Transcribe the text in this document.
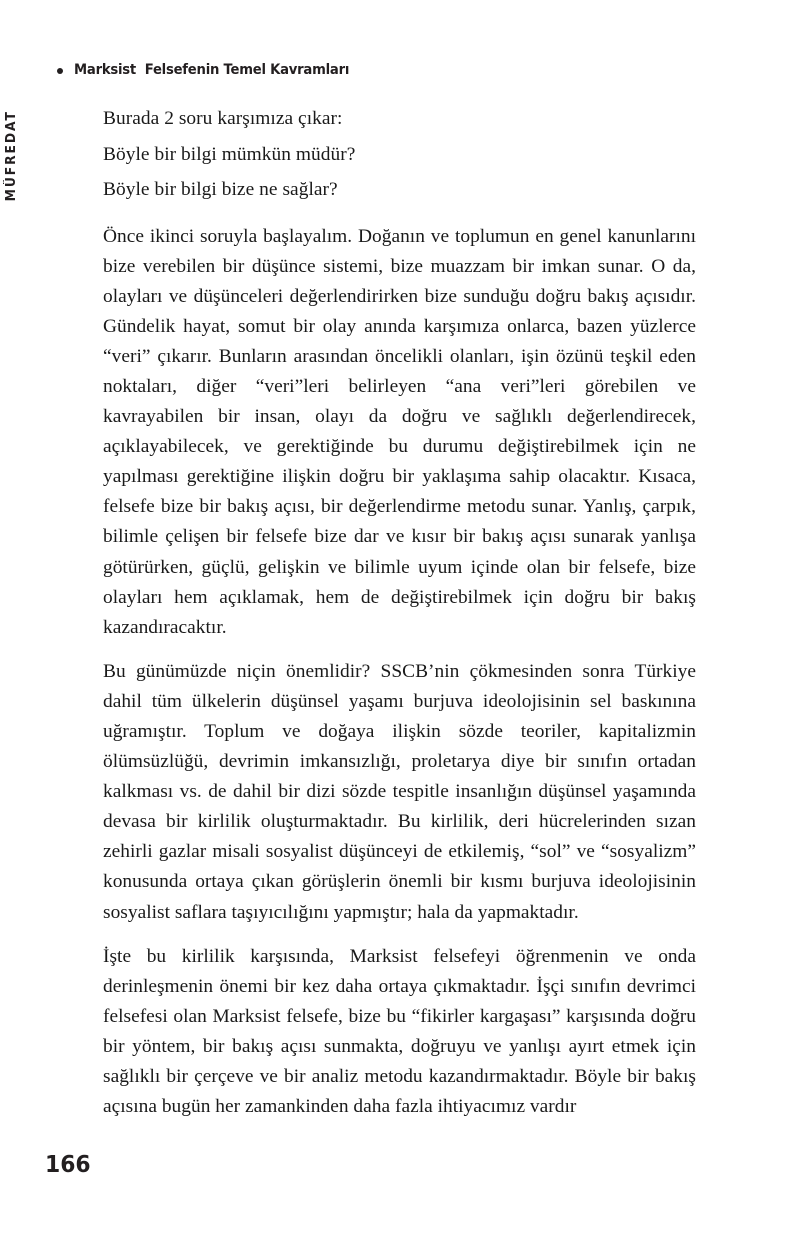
Marksist  Felsefenin Temel Kavramları
MÜFREDAT	Burada 2 soru karşımıza çıkar:

Böyle bir bilgi mümkün müdür?

Böyle bir bilgi bize ne sağlar?

Önce ikinci soruyla başlayalım. Doğanın ve toplumun en genel kanunlarını bize verebilen bir düşünce sistemi, bize muazzam bir imkan sunar. O da, olayları ve düşünceleri değerlendirirken bize sunduğu doğru bakış açısıdır. Gündelik hayat, somut bir olay anında karşımıza onlarca, bazen yüzlerce “veri” çıkarır. Bunların arasından öncelikli olanları, işin özünü teşkil eden noktaları, diğer “veri”leri belirleyen “ana veri”leri görebilen ve kavrayabilen bir insan, olayı da doğru ve sağlıklı değerlendirecek, açıklayabilecek, ve gerektiğinde bu durumu değiştirebilmek için ne yapılması gerektiğine ilişkin doğru bir yaklaşıma sahip olacaktır. Kısaca, felsefe bize bir bakış açısı, bir değerlendirme metodu sunar. Yanlış, çarpık, bilimle çelişen bir felsefe bize dar ve kısır bir bakış açısı sunarak yanlışa götürürken, güçlü, gelişkin ve bilimle uyum içinde olan bir felsefe, bize olayları hem açıklamak, hem de değiştirebilmek için doğru bir bakış kazandıracaktır.

Bu günümüzde niçin önemlidir? SSCB’nin çökmesinden sonra Türkiye dahil tüm ülkelerin düşünsel yaşamı burjuva ideolojisinin sel baskınına uğramıştır. Toplum ve doğaya ilişkin sözde teoriler, kapitalizmin ölümsüzlüğü, devrimin imkansızlığı, proletarya diye bir sınıfın ortadan kalkması vs. de dahil bir dizi sözde tespitle insanlığın düşünsel yaşamında devasa bir kirlilik oluşturmaktadır. Bu kirlilik, deri hücrelerinden sızan zehirli gazlar misali sosyalist düşünceyi de etkilemiş, “sol” ve “sosyalizm” konusunda ortaya çıkan görüşlerin önemli bir kısmı burjuva ideolojisinin sosyalist saflara taşıyıcılığını yapmıştır; hala da yapmaktadır.

İşte bu kirlilik karşısında, Marksist felsefeyi öğrenmenin ve onda derinleşmenin önemi bir kez daha ortaya çıkmaktadır. İşçi sınıfın devrimci felsefesi olan Marksist felsefe, bize bu “fikirler kargaşası” karşısında doğru bir yöntem, bir bakış açısı sunmakta, doğruyu ve yanlışı ayırt etmek için sağlıklı bir çerçeve ve bir analiz metodu kazandırmaktadır. Böyle bir bakış açısına bugün her zamankinden daha fazla ihtiyacımız vardır

166
